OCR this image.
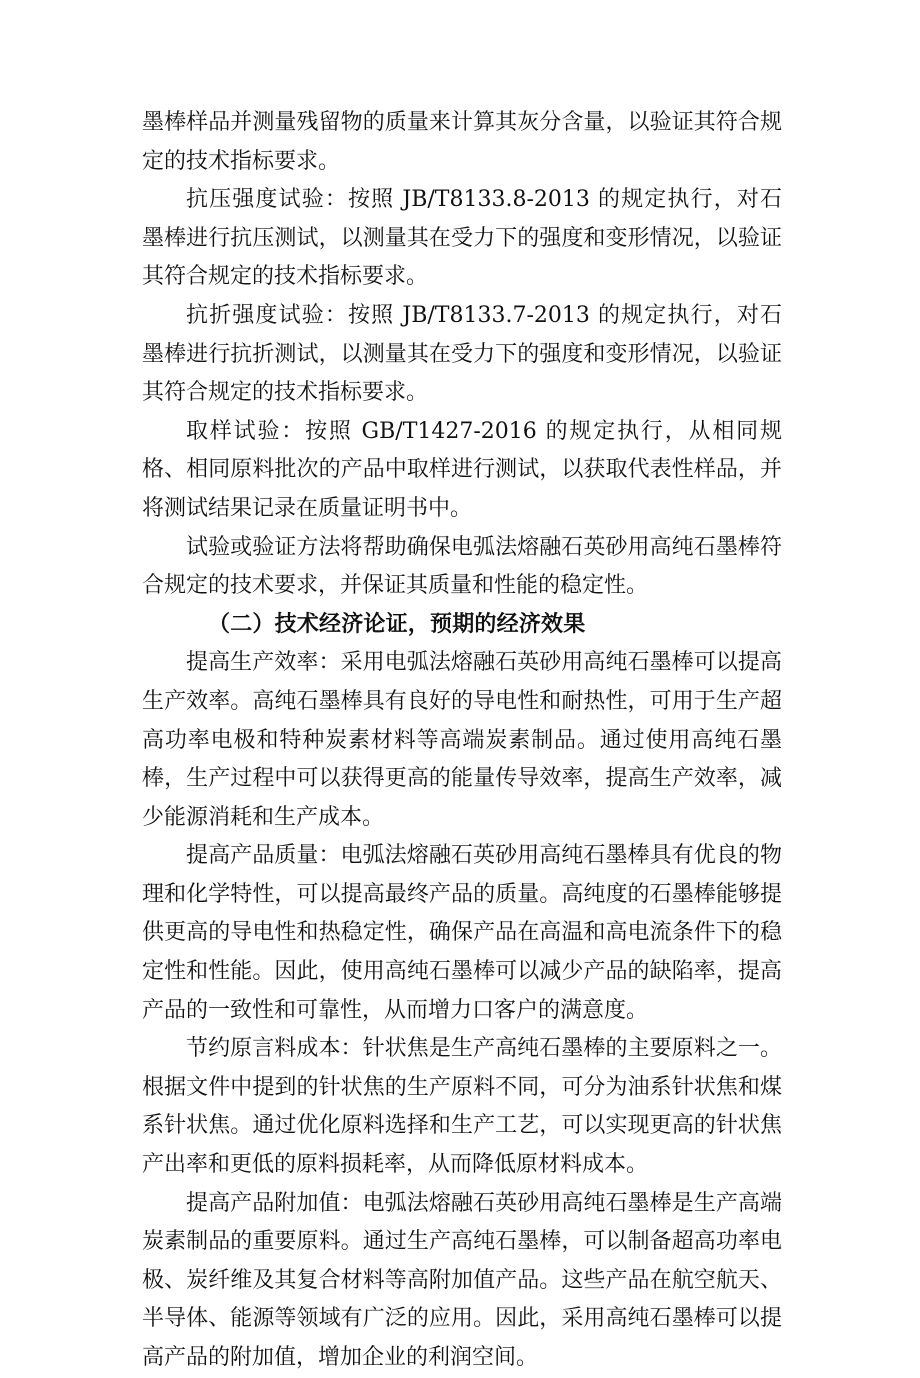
墨棒样品并测量残留物的质量来计算其灰分含量，以验证其符合规定的技术指标要求。

抗压强度试验：按照 JB/T8133.8-2013 的规定执行，对石墨棒进行抗压测试，以测量其在受力下的强度和变形情况，以验证其符合规定的技术指标要求。

抗折强度试验：按照 JB/T8133.7-2013 的规定执行，对石墨棒进行抗折测试，以测量其在受力下的强度和变形情况，以验证其符合规定的技术指标要求。

取样试验：按照 GB/T1427-2016 的规定执行，从相同规格、相同原料批次的产品中取样进行测试，以获取代表性样品，并将测试结果记录在质量证明书中。

试验或验证方法将帮助确保电弧法熔融石英砂用高纯石墨棒符合规定的技术要求，并保证其质量和性能的稳定性。

（二）技术经济论证，预期的经济效果

提高生产效率：采用电弧法熔融石英砂用高纯石墨棒可以提高生产效率。高纯石墨棒具有良好的导电性和耐热性，可用于生产超高功率电极和特种炭素材料等高端炭素制品。通过使用高纯石墨棒，生产过程中可以获得更高的能量传导效率，提高生产效率，减少能源消耗和生产成本。

提高产品质量：电弧法熔融石英砂用高纯石墨棒具有优良的物理和化学特性，可以提高最终产品的质量。高纯度的石墨棒能够提供更高的导电性和热稳定性，确保产品在高温和高电流条件下的稳定性和性能。因此，使用高纯石墨棒可以减少产品的缺陷率，提高产品的一致性和可靠性，从而增力口客户的满意度。

节约原言料成本：针状焦是生产高纯石墨棒的主要原料之一。根据文件中提到的针状焦的生产原料不同，可分为油系针状焦和煤系针状焦。通过优化原料选择和生产工艺，可以实现更高的针状焦产出率和更低的原料损耗率，从而降低原材料成本。

提高产品附加值：电弧法熔融石英砂用高纯石墨棒是生产高端炭素制品的重要原料。通过生产高纯石墨棒，可以制备超高功率电极、炭纤维及其复合材料等高附加值产品。这些产品在航空航天、半导体、能源等领域有广泛的应用。因此，采用高纯石墨棒可以提高产品的附加值，增加企业的利润空间。
